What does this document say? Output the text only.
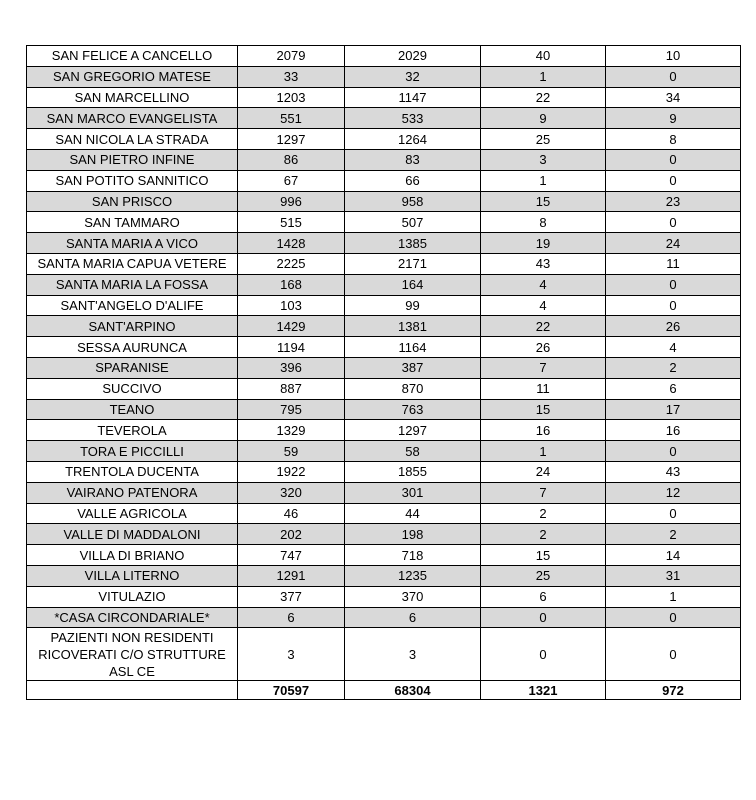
SAN FELICE A CANCELLO	2079	2029	40	10
SAN GREGORIO MATESE	33	32	1	0
SAN MARCELLINO	1203	1147	22	34
SAN MARCO EVANGELISTA	551	533	9	9
SAN NICOLA LA STRADA	1297	1264	25	8
SAN PIETRO INFINE	86	83	3	0
SAN POTITO SANNITICO	67	66	1	0
SAN PRISCO	996	958	15	23
SAN TAMMARO	515	507	8	0
SANTA MARIA A VICO	1428	1385	19	24
SANTA MARIA CAPUA VETERE	2225	2171	43	11
SANTA MARIA LA FOSSA	168	164	4	0
SANT'ANGELO D'ALIFE	103	99	4	0
SANT'ARPINO	1429	1381	22	26
SESSA AURUNCA	1194	1164	26	4
SPARANISE	396	387	7	2
SUCCIVO	887	870	11	6
TEANO	795	763	15	17
TEVEROLA	1329	1297	16	16
TORA E PICCILLI	59	58	1	0
TRENTOLA DUCENTA	1922	1855	24	43
VAIRANO PATENORA	320	301	7	12
VALLE AGRICOLA	46	44	2	0
VALLE DI MADDALONI	202	198	2	2
VILLA DI BRIANO	747	718	15	14
VILLA LITERNO	1291	1235	25	31
VITULAZIO	377	370	6	1
*CASA CIRCONDARIALE*	6	6	0	0
PAZIENTI NON RESIDENTI RICOVERATI C/O STRUTTURE ASL CE	3	3	0	0
	70597	68304	1321	972
